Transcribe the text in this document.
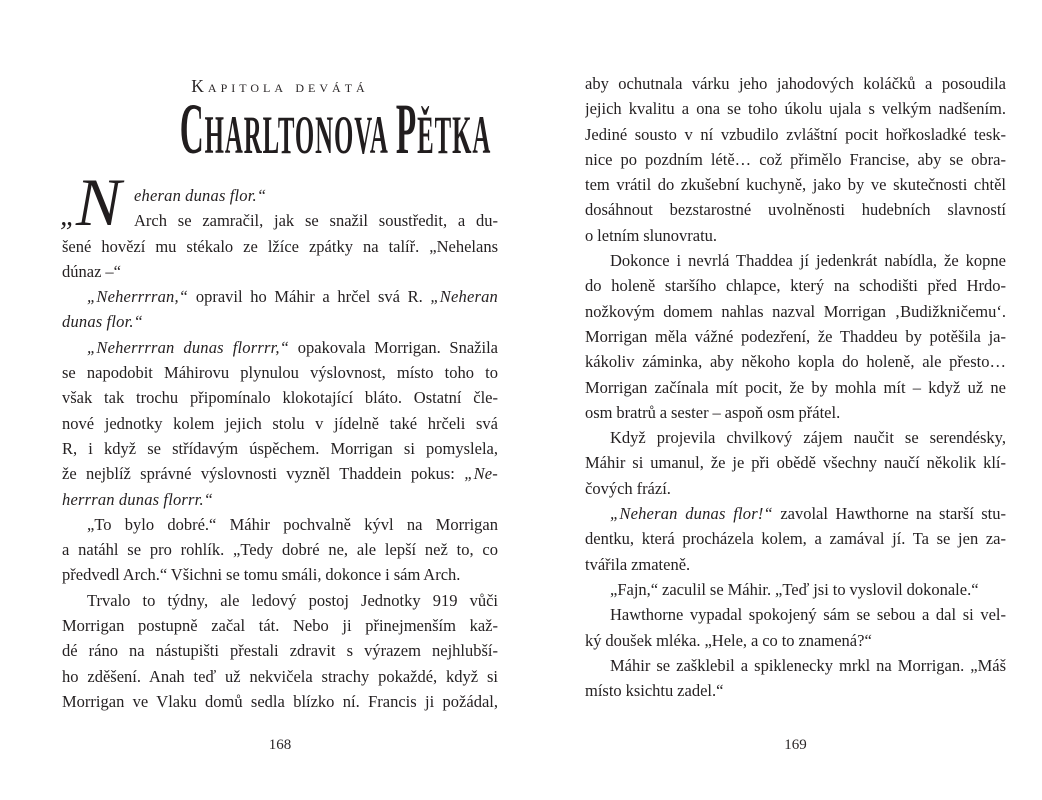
Kapitola devátá
CHARLTONOVA PĚTKA
„N eheran dunas flor.“
Arch se zamračil, jak se snažil soustředit, a du-
šené hovězí mu stékalo ze lžíce zpátky na talíř. „Nehelans
dúnaz –“
„Neherrrran,“ opravil ho Máhir a hrčel svá R. „Neheran
dunas flor.“
„Neherrrran dunas florrrr,“ opakovala Morrigan. Snažila
se napodobit Máhirovu plynulou výslovnost, místo toho to
však tak trochu připomínalo klokotající bláto. Ostatní čle-
nové jednotky kolem jejich stolu v jídelně také hrčeli svá
R, i když se střídavým úspěchem. Morrigan si pomyslela,
že nejblíž správné výslovnosti vyzněl Thaddein pokus: „Ne-
herrran dunas florrr.“
„To bylo dobré.“ Máhir pochvalně kývl na Morrigan
a natáhl se pro rohlík. „Tedy dobré ne, ale lepší než to, co
předvedl Arch.“ Všichni se tomu smáli, dokonce i sám Arch.
Trvalo to týdny, ale ledový postoj Jednotky 919 vůči
Morrigan postupně začal tát. Nebo ji přinejmenším kaž-
dé ráno na nástupišti přestali zdravit s výrazem nejhlubší-
ho zděšení. Anah teď už nekvičela strachy pokaždé, když si
Morrigan ve Vlaku domů sedla blízko ní. Francis ji požádal,
aby ochutnala várku jeho jahodových koláčků a posoudila
jejich kvalitu a ona se toho úkolu ujala s velkým nadšením.
Jediné sousto v ní vzbudilo zvláštní pocit hořkosladké tesk-
nice po pozdním létě… což přimělo Francise, aby se obra-
tem vrátil do zkušební kuchyně, jako by ve skutečnosti chtěl
dosáhnout bezstarostné uvolněnosti hudebních slavností
o letním slunovratu.
Dokonce i nevrlá Thaddea jí jedenkrát nabídla, že kopne
do holeně staršího chlapce, který na schodišti před Hrdo-
nožkovým domem nahlas nazval Morrigan ‚Budižkničemu‘.
Morrigan měla vážné podezření, že Thaddeu by potěšila ja-
kákoliv záminka, aby někoho kopla do holeně, ale přesto…
Morrigan začínala mít pocit, že by mohla mít – když už ne
osm bratrů a sester – aspoň osm přátel.
Když projevila chvilkový zájem naučit se serendésky,
Máhir si umanul, že je při obědě všechny naučí několik klí-
čových frází.
„Neheran dunas flor!“ zavolal Hawthorne na starší stu-
dentku, která procházela kolem, a zamával jí. Ta se jen za-
tvářila zmateně.
„Fajn,“ zaculil se Máhir. „Teď jsi to vyslovil dokonale.“
Hawthorne vypadal spokojený sám se sebou a dal si vel-
ký doušek mléka. „Hele, a co to znamená?“
Máhir se zašklebil a spiklenecky mrkl na Morrigan. „Máš
místo ksichtu zadel.“
168	169
